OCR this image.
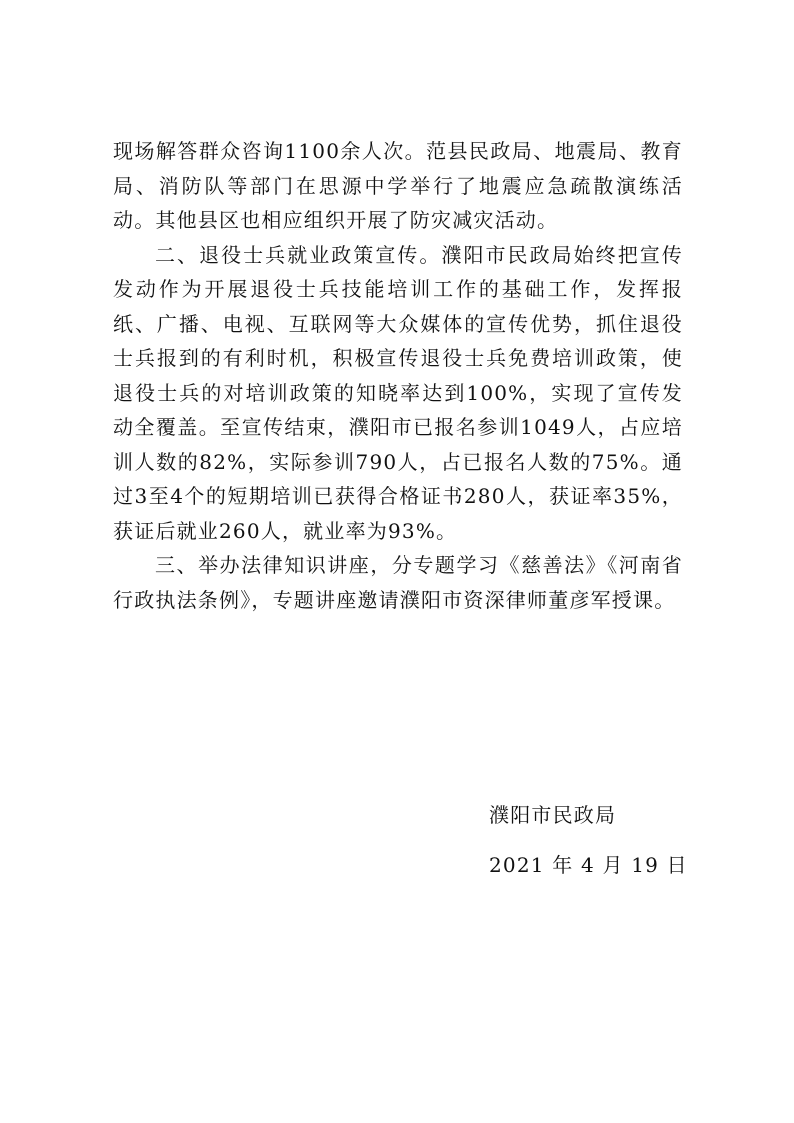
现场解答群众咨询1100余人次。范县民政局、地震局、教育局、消防队等部门在思源中学举行了地震应急疏散演练活动。其他县区也相应组织开展了防灾减灾活动。

二、退役士兵就业政策宣传。濮阳市民政局始终把宣传发动作为开展退役士兵技能培训工作的基础工作，发挥报纸、广播、电视、互联网等大众媒体的宣传优势，抓住退役士兵报到的有利时机，积极宣传退役士兵免费培训政策，使退役士兵的对培训政策的知晓率达到100%，实现了宣传发动全覆盖。至宣传结束，濮阳市已报名参训1049人，占应培训人数的82%，实际参训790人，占已报名人数的75%。通过3至4个的短期培训已获得合格证书280人，获证率35%，获证后就业260人，就业率为93%。

三、举办法律知识讲座，分专题学习《慈善法》《河南省行政执法条例》，专题讲座邀请濮阳市资深律师董彦军授课。

濮阳市民政局
2021 年 4 月 19 日
